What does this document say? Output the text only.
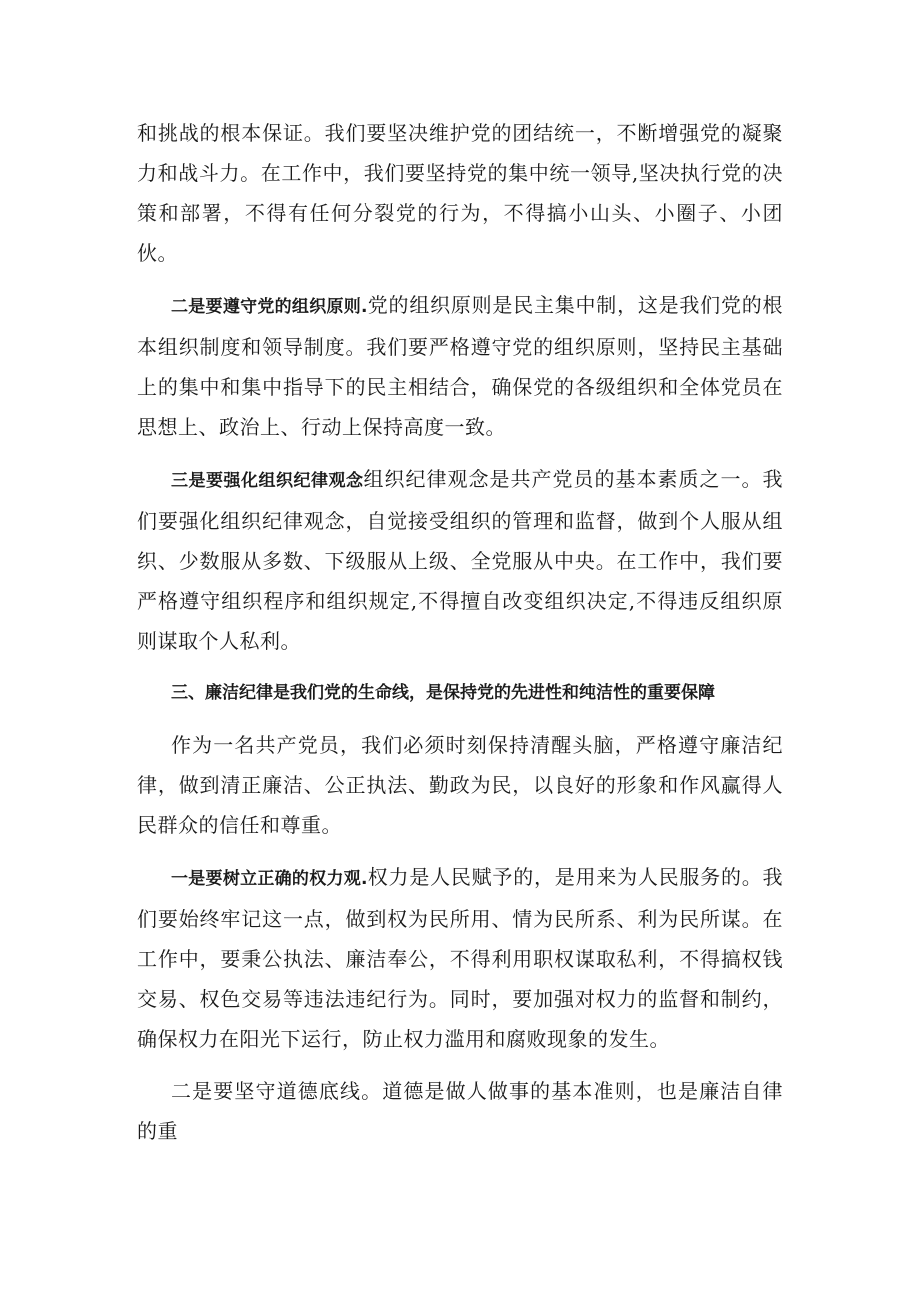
和挑战的根本保证。我们要坚决维护党的团结统一，不断增强党的凝聚力和战斗力。在工作中，我们要坚持党的集中统一领导,坚决执行党的决策和部署，不得有任何分裂党的行为，不得搞小山头、小圈子、小团伙。

二是要遵守党的组织原则.党的组织原则是民主集中制，这是我们党的根本组织制度和领导制度。我们要严格遵守党的组织原则，坚持民主基础上的集中和集中指导下的民主相结合，确保党的各级组织和全体党员在思想上、政治上、行动上保持高度一致。

三是要强化组织纪律观念组织纪律观念是共产党员的基本素质之一。我们要强化组织纪律观念，自觉接受组织的管理和监督，做到个人服从组织、少数服从多数、下级服从上级、全党服从中央。在工作中，我们要严格遵守组织程序和组织规定,不得擅自改变组织决定,不得违反组织原则谋取个人私利。

三、廉洁纪律是我们党的生命线，是保持党的先进性和纯洁性的重要保障

作为一名共产党员，我们必须时刻保持清醒头脑，严格遵守廉洁纪律，做到清正廉洁、公正执法、勤政为民，以良好的形象和作风赢得人民群众的信任和尊重。

一是要树立正确的权力观.权力是人民赋予的，是用来为人民服务的。我们要始终牢记这一点，做到权为民所用、情为民所系、利为民所谋。在工作中，要秉公执法、廉洁奉公，不得利用职权谋取私利，不得搞权钱交易、权色交易等违法违纪行为。同时，要加强对权力的监督和制约，确保权力在阳光下运行，防止权力滥用和腐败现象的发生。

二是要坚守道德底线。道德是做人做事的基本准则，也是廉洁自律的重
